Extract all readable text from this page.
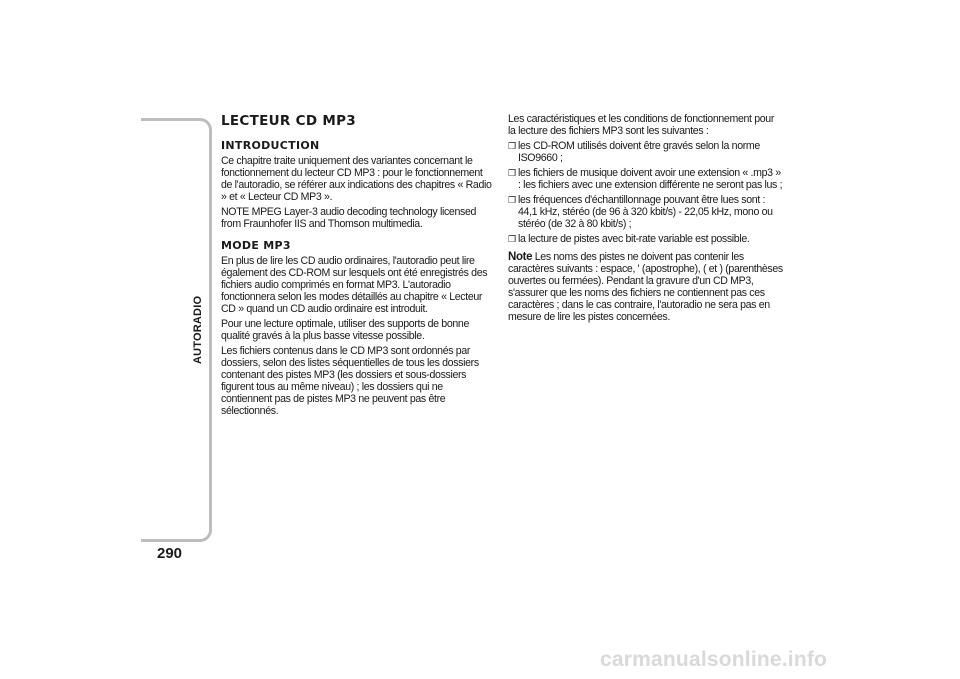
AUTORADIO
290
LECTEUR CD MP3
INTRODUCTION

Ce chapitre traite uniquement des variantes concernant le fonctionnement du lecteur CD MP3 : pour le fonctionnement de l'autoradio, se référer aux indications des chapitres « Radio » et « Lecteur CD MP3 ».

NOTE MPEG Layer-3 audio decoding technology licensed from Fraunhofer IIS and Thomson multimedia.

MODE MP3

En plus de lire les CD audio ordinaires, l'autoradio peut lire également des CD-ROM sur lesquels ont été enregistrés des fichiers audio comprimés en format MP3. L'autoradio fonctionnera selon les modes détaillés au chapitre « Lecteur CD » quand un CD audio ordinaire est introduit.

Pour une lecture optimale, utiliser des supports de bonne qualité gravés à la plus basse vitesse possible.

Les fichiers contenus dans le CD MP3 sont ordonnés par dossiers, selon des listes séquentielles de tous les dossiers contenant des pistes MP3 (les dossiers et sous-dossiers figurent tous au même niveau) ; les dossiers qui ne contiennent pas de pistes MP3 ne peuvent pas être sélectionnés.

Les caractéristiques et les conditions de fonctionnement pour la lecture des fichiers MP3 sont les suivantes :

❒ les CD-ROM utilisés doivent être gravés selon la norme ISO9660 ;
❒ les fichiers de musique doivent avoir une extension « .mp3 » : les fichiers avec une extension différente ne seront pas lus ;
❒ les fréquences d'échantillonnage pouvant être lues sont : 44,1 kHz, stéréo (de 96 à 320 kbit/s) - 22,05 kHz, mono ou stéréo (de 32 à 80 kbit/s) ;
❒ la lecture de pistes avec bit-rate variable est possible.

Note Les noms des pistes ne doivent pas contenir les caractères suivants : espace, ' (apostrophe), ( et ) (parenthèses ouvertes ou fermées). Pendant la gravure d'un CD MP3, s'assurer que les noms des fichiers ne contiennent pas ces caractères ; dans le cas contraire, l'autoradio ne sera pas en mesure de lire les pistes concernées.

carmanualsonline.info
